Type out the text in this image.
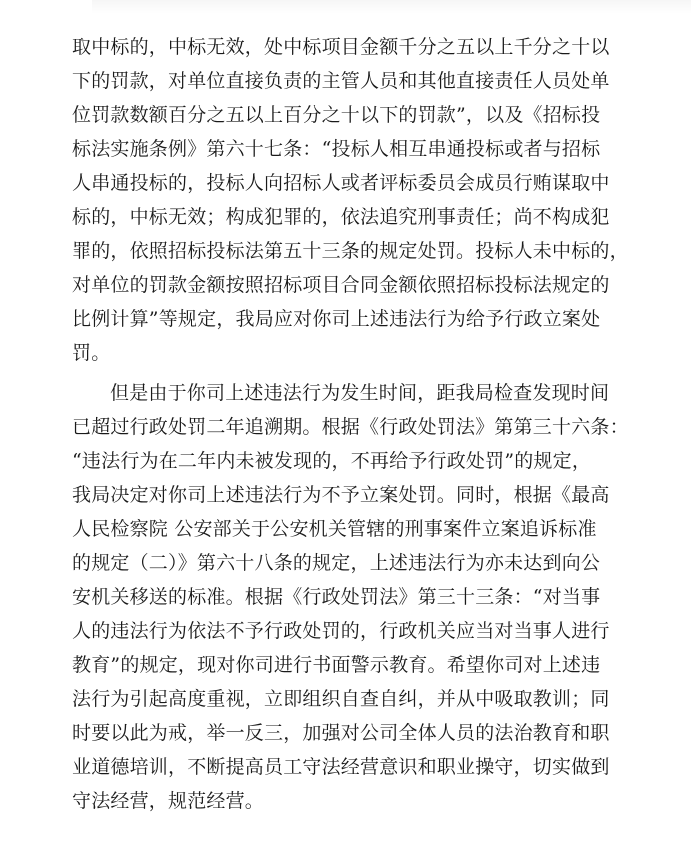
取中标的，中标无效，处中标项目金额千分之五以上千分之十以
下的罚款，对单位直接负责的主管人员和其他直接责任人员处单
位罚款数额百分之五以上百分之十以下的罚款”，以及《招标投
标法实施条例》第六十七条：“投标人相互串通投标或者与招标
人串通投标的，投标人向招标人或者评标委员会成员行贿谋取中
标的，中标无效；构成犯罪的，依法追究刑事责任；尚不构成犯
罪的，依照招标投标法第五十三条的规定处罚。投标人未中标的，
对单位的罚款金额按照招标项目合同金额依照招标投标法规定的
比例计算”等规定，我局应对你司上述违法行为给予行政立案处
罚。
但是由于你司上述违法行为发生时间，距我局检查发现时间
已超过行政处罚二年追溯期。根据《行政处罚法》第第三十六条：
“违法行为在二年内未被发现的，不再给予行政处罚”的规定，
我局决定对你司上述违法行为不予立案处罚。同时，根据《最高
人民检察院 公安部关于公安机关管辖的刑事案件立案追诉标准
的规定（二）》第六十八条的规定，上述违法行为亦未达到向公
安机关移送的标准。根据《行政处罚法》第三十三条：“对当事
人的违法行为依法不予行政处罚的，行政机关应当对当事人进行
教育”的规定，现对你司进行书面警示教育。希望你司对上述违
法行为引起高度重视，立即组织自查自纠，并从中吸取教训；同
时要以此为戒，举一反三，加强对公司全体人员的法治教育和职
业道德培训，不断提高员工守法经营意识和职业操守，切实做到
守法经营，规范经营。
